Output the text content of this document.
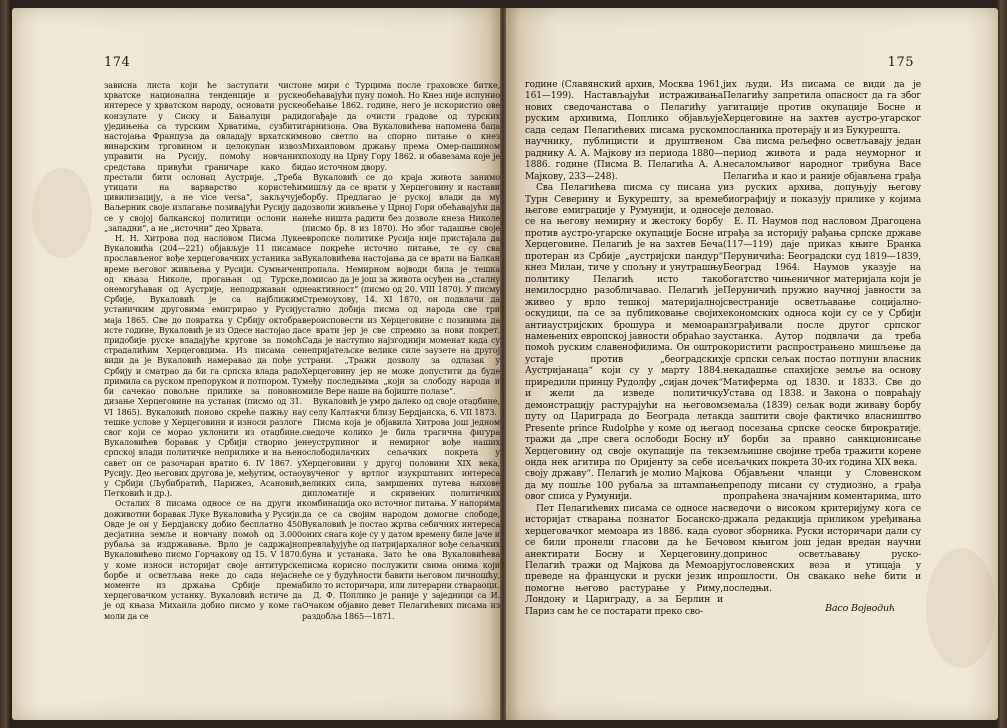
174

зависна листа који ће заступати чисто хрватске национална тенденције и руске интересе у хрватском народу, основати руске конзулате у Сиску и Бањалуци ради уједињења са турским Хрватима, сузбити настојања Француза да овладају врхатским винарским трговином и целокупан извоз управити на Русију, помоћу новчаних средстава привући граничаре како би престали бити ослонац Аустрије. „Треба утицати на варварство користећи цивилизацију, а не vice versa“, закључује Ваљерник своје излагање позивајући Русију да се у својој балканској политици ослони на „западни“, а не „источни“ део Хрвата.

Н. Н. Хитрова под насловом Писма Луке Вукаловића (204—221) објављује 11 писама прослављеног вође херцеговачких устаника за време његовог живљења у Русији. Сумњичен од књаза Николе, прогањан од Турске, онемогућаван од Аустрије, неподржаван од Србије, Вукаловић је са најближим устаничким друговима емигрирао у Русију маја 1865. Све до повратка у Србију октобра исте године, Вукаловић је из Одесе настојао да придобије руске владајуће кругове за помоћ страдалићим Херцеговцима. Из писама се види да је Вукаловић намеравао да пође у Србију и сматрао да би га српска влада радо примила са руском препоруком и потпором. Ту би сачекао повољне прилике за поновно дизање Херцеговине на устанак (писмо од 31. VI 1865). Вукаловић поново скреће пажњу на тешке услове у Херцеговини и износи разлоге свог који се морао уклонити из отаџбине. Вукаловићев боравак у Србији створио је српској влади политичке неприлике и на њен савет он се разочаран вратио 6. IV 1867. у Русију. Део његових другова је, међутим, остао у Србији (Љубибратић, Парижез, Асановић, Петковић и др.).

Осталих 8 писама односе се на други и доживотни боравак Луке Вукаловића у Русији. Овде је он у Бердјанску добио бесплатно 450 десјатина земље и новчану помоћ од 3.000 рубаља за издржавање. Врло је садржајно Вукаловићево писмо Горчакову од 15. V 1870. у коме износи историјат своје антитурске борбе и осветљава неке до сада нејасне моменте из држања Србије према херцеговачком устанку. Вукаловић истиче да је од књаза Михаила добио писмо у коме га моли да се

не мири с Турцима после граховске битке, обећавајући пуну помоћ. Но Кнез није испунио обећање 1862. године, него је искористио ове догађаје да очисти градове од турских гарнизона. Ова Вукаловићева напомена баца ново светло на спорно питање о кнез Михаиловом држању према Омер-пашином походу на Црну Гору 1862. и обавезама које је дао источном двору.

Вукаловић се до краја живота занимо мишљу да се врати у Херцеговину и настави борбу. Предлагао је руској влади да му дозволи живљење у Црној Гори обећавајући да неће ништа радити без дозволе кнеза Николе (писмо бр. 8 из 1870). Но због тадашње своје европске политике Русија није пристајала да се покреће источно питање, те су сва Вукаловићева настојања да се врати на Балкан пропала. Немирном војводи била је тешка помисао да је још за живота осуђен на „сталну неактивност“ (писмо од 20. VIII 1870). У писму Стремоухову, 14. XI 1870, он подвлачи да стално добија писма од народа све три вероисповести из Херцеговине с позивима да се врати јер је све спремно за нови покрет. Сада је наступио најзгоднији моменат када су непријатељске велике силе заузете на другој страни. „Тражи дозволу за одлазак у Херцеговину јер не може допустити да буде међу последњима „који за слободу народа и миле Вере наше на бојиште полазе“.

Вукаловић је умро далеко од своје отаџбине, у селу Калтакчи близу Бердјанска, 6. VII 1873.

Писма која је објавила Хитрова још једном сведоче колико је била трагична фигура неуструпиног и немирног вође наших ослободилачких сељачких покрета у Херцеговини у другој половини XIX века, увученог у вртлог изукрштаних интереса великих сила, замршених путева њихове дипломатије и скривених политичких комбинација око источног питања. У напорима да се са својим народом домогне слободе, Вукаловић је постао жртва себичних интереса оних снага које су у датом времену биле јаче и превлађујуће од патријархалног вође сељачких буна и устанака. Зато ће ова Вукаловићева писма корисно послужити свима онима који ће се у будућности бавити његовом личношћу, било то историчари, или литерарни ствараоци.

Д. Ф. Поплико је раније у заједници са И. Очаком објавио девет Пелагићевих писама из раздобља 1865—1871.

175

године (Славянский архив, Москва 1961, 161—199). Настављајући истраживања нових сведочанстава о Пелагићу у руским архивима, Поплико објављује сада седам Пелагићевих писама руском научнику, публицисти и друштвеном раднику А. А. Мајкову из периода 1880—1886. године (Писма В. Пелагића А. А. Мајкову, 233—248).

Сва Пелагићева писма су писана у Турн Северину и Букурешту, за време његове емиграције у Румунији, и односе се на његову немирну и жестоку борбу против аустро-угарске окупације Босне и Херцеговине. Пелагић је на захтев Беча протеран из Србије „аустријски пандур“ кнез Милан, тиче у спољну и унутрашњу политику Пелагић исто тако немилосрдно разобличавао. Пелагић је живео у врло тешкој материјалној оскудици, па се за публиковање својих антиаустријских брошура и мемоара намењених европској јавности обраћао за помоћ руским славенофилима. Он оштро устаје против „београдских Аустријанаца“ који су у марту 1884. приредили принцу Рудолфу „сијан дочек“ и жели да изведе политичку демонстрацију растурајући на његовом путу од Цариграда до Београда летак Presente prince Rudolphe у коме од њега тражи да „пре свега ослободи Босну и Херцеговину од своје окупације па тек онда нек агитира по Оријенту за себе и своју државу“. Пелагић је молио Мајкова да му пошље 100 рубаља за штампање овог списа у Румунији.

Пет Пелагићевих писама се односе на историјат стварања познатог Босанско-херцеговачког мемоара из 1886. када су се били пронели гласови да ће Беч анектирати Босну и Херцеговину. Пелагић тражи од Мајкова да Мемоар преведе на француски и руски језик и помогне његово растурање у Риму, Лондону и Цариграду, а за Берлин и Париз сам ће се постарати преко сво-

јих људи. Из писама се види да је Пелагићу запретила опасност да га због агитације против окупације Босне и Херцеговине на захтев аустро-угарског посланика протерају и из Букурешта.

Сва писма рељефно осветљавају један период живота и рада неуморног и несаломљивог народног трибуна Васе Пелагића и као и раније објављена грађа из руских архива, допуњују његову биографију и показују прилике у којима је деловао.

Е. П. Наумов под насловом Драгоцена грађа за историју рађања српске државе (117—119) даје приказ књиге Бранка Перуничића: Београдски суд 1819—1839, Београд 1964. Наумов указује на богатство чињеничног материјала који је Перуничић пружио научној јавности за свестраније осветљавање социјално-економских односа који су се у Србији изграђивали после другог српског устанка. Аутор подвлачи да треба користити распрострањено мишљење да је српски сељак постао потпуни власник некадашње спахијске земље на основу Матиферма од 1830. и 1833. Све до Устава од 1838. и Закона о повраћају земаља (1839) сељак води живаву борбу да заштити своје фактичко власништво од посезања српске сеоске бирократије. У борби за правно санкционисање земљишне својине треба тражити корене сељачких покрета 30-их година XIX века.

Објављени чланци у Словенском преподу писани су студиозно, а грађа пропраћена значајним коментарима, што сведочи о високом критеријуму кога се држала редакција приликом уређивања овог зборника. Руски историчари дали су овом књигом још један вредан научни допринос осветљавању руско-југословенских веза и утицаја у прошлости. Он свакако неће бити и последњи.

Васо Војводић
